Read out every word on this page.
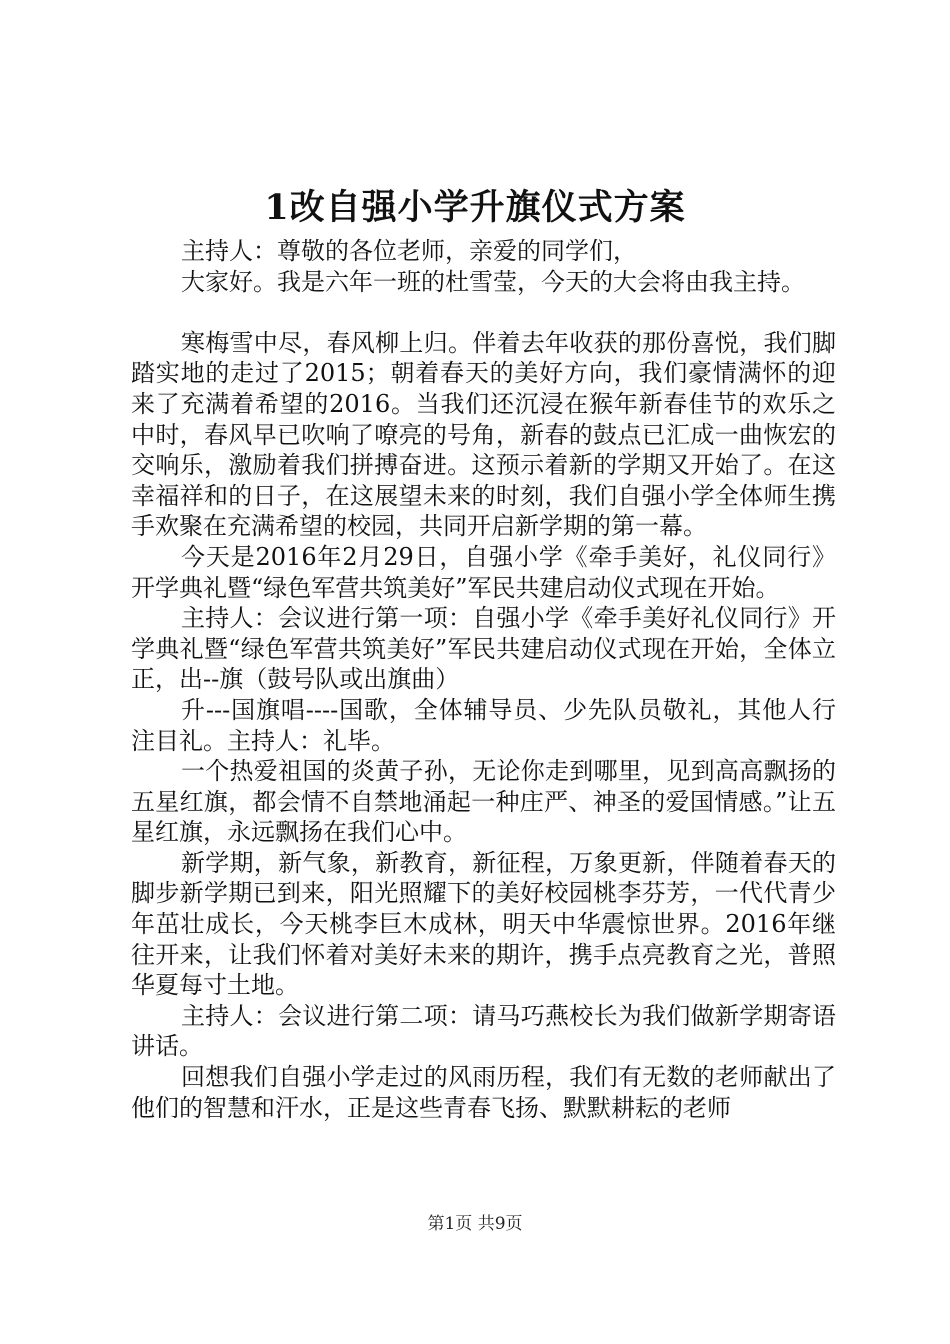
1改自强小学升旗仪式方案

主持人：尊敬的各位老师，亲爱的同学们，

大家好。我是六年一班的杜雪莹，今天的大会将由我主持。

寒梅雪中尽，春风柳上归。伴着去年收获的那份喜悦，我们脚踏实地的走过了2015；朝着春天的美好方向，我们豪情满怀的迎来了充满着希望的2016。当我们还沉浸在猴年新春佳节的欢乐之中时，春风早已吹响了嘹亮的号角，新春的鼓点已汇成一曲恢宏的交响乐，激励着我们拼搏奋进。这预示着新的学期又开始了。在这幸福祥和的日子，在这展望未来的时刻，我们自强小学全体师生携手欢聚在充满希望的校园，共同开启新学期的第一幕。

今天是2016年2月29日，自强小学《牵手美好，礼仪同行》开学典礼暨“绿色军营共筑美好”军民共建启动仪式现在开始。

主持人：会议进行第一项：自强小学《牵手美好礼仪同行》开学典礼暨“绿色军营共筑美好”军民共建启动仪式现在开始，全体立正，出--旗（鼓号队或出旗曲）

升---国旗唱----国歌，全体辅导员、少先队员敬礼，其他人行注目礼。主持人：礼毕。

一个热爱祖国的炎黄子孙，无论你走到哪里，见到高高飘扬的五星红旗，都会情不自禁地涌起一种庄严、神圣的爱国情感。”让五星红旗，永远飘扬在我们心中。

新学期，新气象，新教育，新征程，万象更新，伴随着春天的脚步新学期已到来，阳光照耀下的美好校园桃李芬芳，一代代青少年茁壮成长，今天桃李巨木成林，明天中华震惊世界。2016年继往开来，让我们怀着对美好未来的期许，携手点亮教育之光，普照华夏每寸土地。

主持人：会议进行第二项：请马巧燕校长为我们做新学期寄语讲话。

回想我们自强小学走过的风雨历程，我们有无数的老师献出了他们的智慧和汗水，正是这些青春飞扬、默默耕耘的老师

第1页 共9页
